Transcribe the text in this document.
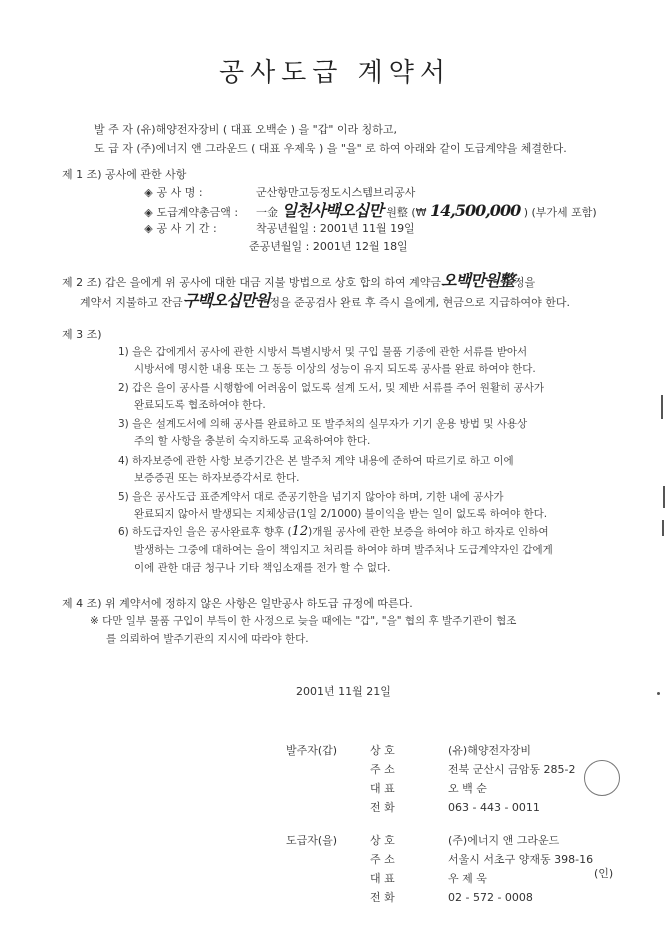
공사도급 계약서
발 주 자 (유)해양전자장비 ( 대표 오백순 ) 을 "갑" 이라 칭하고,
도 급 자 (주)에너지 앤 그라운드 ( 대표 우제욱 ) 을 "을" 로 하여 아래와 같이 도급계약을 체결한다.
제 1 조) 공사에 관한 사항
◈ 공 사 명 :	군산항만고등정도시스템브리공사
◈ 도급계약총금액 : 一金 일천사백오십만 원整 (₩ 14,500,000 ) (부가세 포함)
◈ 공 사 기 간 :	착공년월일 : 2001년 11월 19일
준공년월일 : 2001년 12월 18일
제 2 조) 갑은 을에게 위 공사에 대한 대금 지불 방법으로 상호 합의 하여 계약금오백만원整정을
계약서 지불하고 잔금구백오십만원정을 준공검사 완료 후 즉시 을에게, 현금으로 지급하여야 한다.
제 3 조)
1) 을은 갑에게서 공사에 관한 시방서 특별시방서 및 구입 물품 기종에 관한 서류를 받아서
시방서에 명시한 내용 또는 그 동등 이상의 성능이 유지 되도록 공사를 완료 하여야 한다.
2) 갑은 을이 공사를 시행함에 어려움이 없도록 설계 도서, 및 제반 서류를 주어 원활히 공사가
완료되도록 협조하여야 한다.
3) 을은 설계도서에 의해 공사를 완료하고 또 발주처의 실무자가 기기 운용 방법 및 사용상
주의 할 사항을 충분히 숙지하도록 교육하여야 한다.
4) 하자보증에 관한 사항 보증기간은 본 발주처 계약 내용에 준하여 따르기로 하고 이에
보증증권 또는 하자보증각서로 한다.
5) 을은 공사도급 표준계약서 대로 준공기한을 넘기지 않아야 하며, 기한 내에 공사가
완료되지 않아서 발생되는 지체상금(1일 2/1000) 불이익을 받는 일이 없도록 하여야 한다.
6) 하도급자인 을은 공사완료후 향후 (12)개월 공사에 관한 보증을 하여야 하고 하자로 인하여
발생하는 그중에 대하여는 을이 책임지고 처리를 하여야 하며 발주처나 도급계약자인 갑에게
이에 관한 대금 청구나 기타 책임소재를 전가 할 수 없다.
제 4 조) 위 계약서에 정하지 않은 사항은 일반공사 하도급 규정에 따른다.
※ 다만 일부 물품 구입이 부득이 한 사정으로 늦을 때에는 "갑", "을" 협의 후 발주기관이 협조
를 의뢰하여 발주기관의 지시에 따라야 한다.
2001년 11월 21일
발주자(갑)	상 호	(유)해양전자장비
주 소	전북 군산시 금암동 285-2
대 표	오 백 순
전 화	063 - 443 - 0011
도급자(을)	상 호	(주)에너지 앤 그라운드
주 소	서울시 서초구 양재동 398-16
대 표	우 제 욱
전 화	02 - 572 - 0008
(인)
